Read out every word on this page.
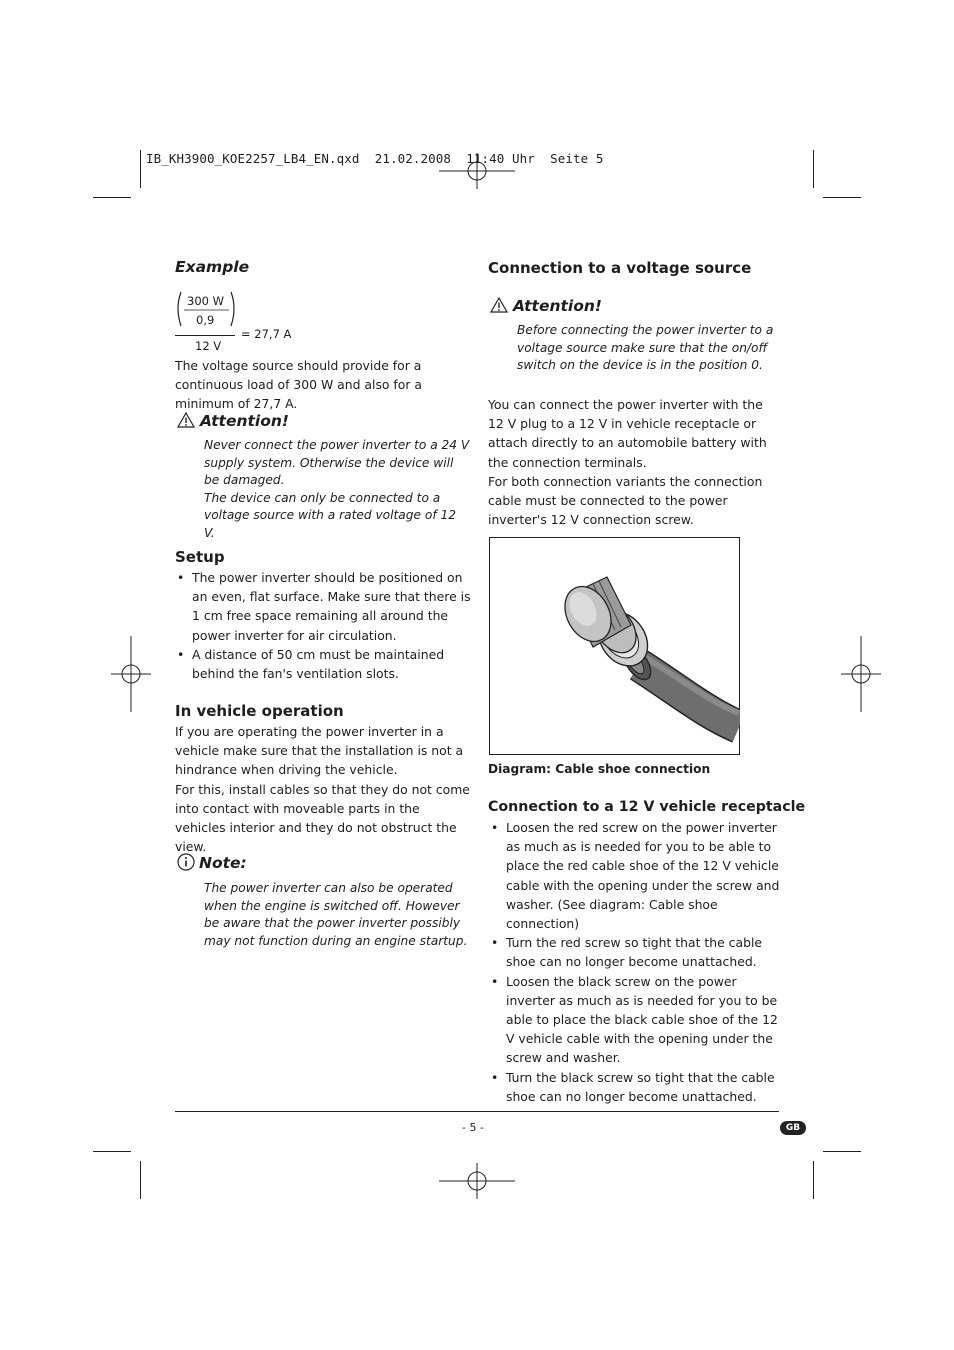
IB_KH3900_KOE2257_LB4_EN.qxd  21.02.2008  11:40 Uhr  Seite 5
Example
300 W
0,9
12 V
= 27,7 A

The voltage source should provide for a continuous load of 300 W and also for a minimum of 27,7 A.

Attention!

Never connect the power inverter to a 24 V supply system. Otherwise the device will be damaged.

The device can only be connected to a voltage source with a rated voltage of 12 V.

Setup
• The power inverter should be positioned on an even, flat surface. Make sure that there is 1 cm free space remaining all around the power inverter for air circulation.
• A distance of 50 cm must be maintained behind the fan's ventilation slots.
In vehicle operation

If you are operating the power inverter in a vehicle make sure that the installation is not a hindrance when driving the vehicle.

For this, install cables so that they do not come into contact with moveable parts in the vehicles interior and they do not obstruct the view.

Note:

The power inverter can also be operated when the engine is switched off. However be aware that the power inverter possibly may not function during an engine startup.

Connection to a voltage source
Attention!

Before connecting the power inverter to a voltage source make sure that the on/off switch on the device is in the position 0.

You can connect the power inverter with the 12 V plug to a 12 V in vehicle receptacle or attach directly to an automobile battery with the connection terminals.

For both connection variants the connection cable must be connected to the power inverter's 12 V connection screw.

Diagram: Cable shoe connection
Connection to a 12 V vehicle receptacle
• Loosen the red screw on the power inverter as much as is needed for you to be able to place the red cable shoe of the 12 V vehicle cable with the opening under the screw and washer. (See diagram: Cable shoe connection)
• Turn the red screw so tight that the cable shoe can no longer become unattached.
• Loosen the black screw on the power inverter as much as is needed for you to be able to place the black cable shoe of the 12 V vehicle cable with the opening under the screw and washer.
• Turn the black screw so tight that the cable shoe can no longer become unattached.
- 5 -	GB
